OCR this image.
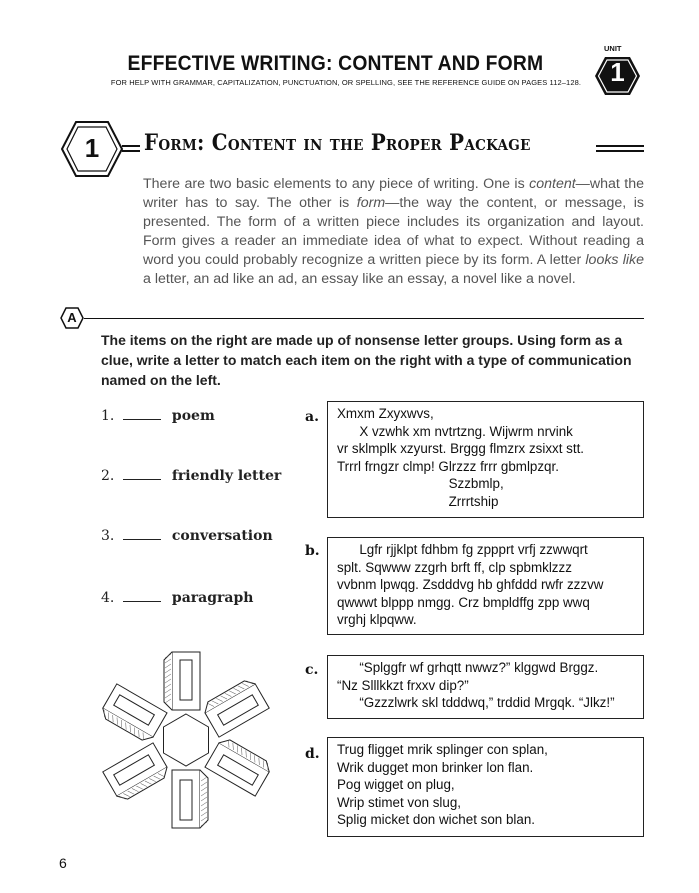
EFFECTIVE WRITING: CONTENT AND FORM
FOR HELP WITH GRAMMAR, CAPITALIZATION, PUNCTUATION, OR SPELLING, SEE THE REFERENCE GUIDE ON PAGES 112–128.
UNIT
1
1	Form: Content in the Proper Package
There are two basic elements to any piece of writing. One is content—what the writer has to say. The other is form—the way the content, or message, is presented. The form of a written piece includes its organization and layout. Form gives a reader an immediate idea of what to expect. Without reading a word you could probably recognize a written piece by its form. A letter looks like a letter, an ad like an ad, an essay like an essay, a novel like a novel.
A
The items on the right are made up of nonsense letter groups. Using form as a clue, write a letter to match each item on the right with a type of communication named on the left.
1.	poem
2.	friendly letter
3.	conversation
4.	paragraph
a. Xmxm Zxyxwvs,
X vzwhk xm nvtrtzng. Wijwrm nrvink
vr sklmplk xzyurst. Brggg flmzrx zsixxt stt.
Trrrl frngzr clmp! Glrzzz frrr gbmlpzqr.
Szzbmlp,
Zrrrtship
b. Lgfr rjjklpt fdhbm fg zppprt vrfj zzwwqrt
splt. Sqwww zzgrh brft ff, clp spbmklzzz
vvbnm lpwqg. Zsdddvg hb ghfddd rwfr zzzvw
qwwwt blppp nmgg. Crz bmpldffg zpp wwq
vrghj klpqww.
c. “Splggfr wf grhqtt nwwz?” klggwd Brggz.
“Nz Slllkkzt frxxv dip?”
“Gzzzlwrk skl tdddwq,” trddid Mrgqk. “Jlkz!”
d. Trug fligget mrik splinger con splan,
Wrik dugget mon brinker lon flan.
Pog wigget on plug,
Wrip stimet von slug,
Splig micket don wichet son blan.
6
